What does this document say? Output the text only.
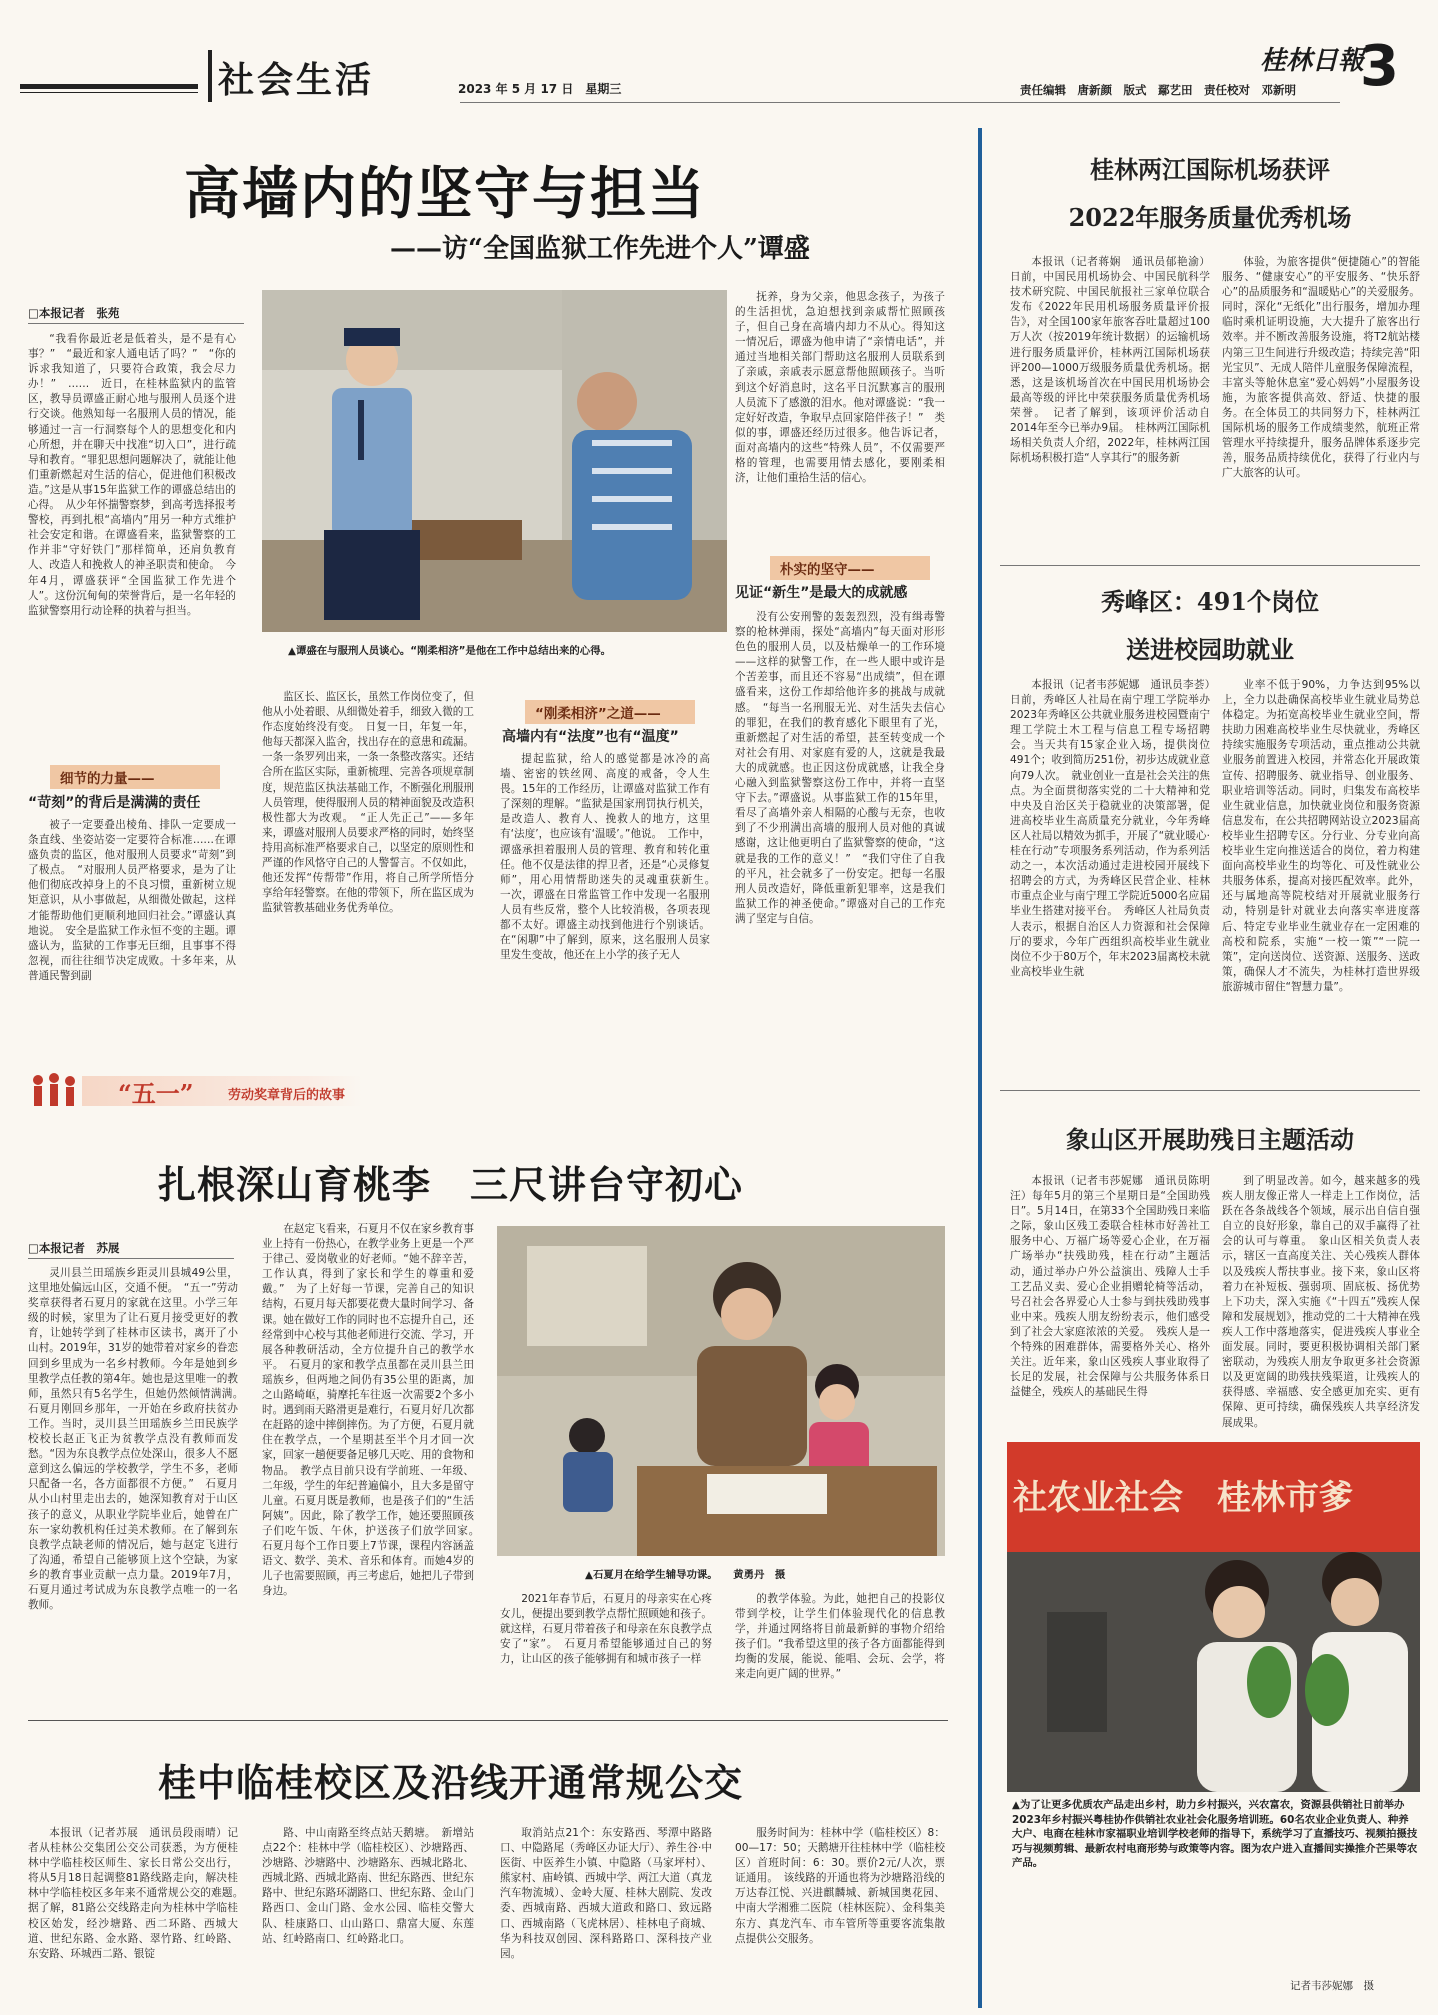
社会生活	2023 年 5 月 17 日　星期三
桂林日報
3
责任编辑　唐新颜　版式　鄢艺田　责任校对　邓新明
高墙内的坚守与担当
——访“全国监狱工作先进个人”谭盛
□本报记者　张苑

“我看你最近老是低着头，是不是有心事？”　“最近和家人通电话了吗？”　“你的诉求我知道了，只要符合政策，我会尽力办！”　……　近日，在桂林监狱内的监管区，教导员谭盛正耐心地与服刑人员逐个进行交谈。他熟知每一名服刑人员的情况，能够通过一言一行洞察每个人的思想变化和内心所想，并在聊天中找准“切入口”，进行疏导和教育。“罪犯思想问题解决了，就能让他们重新燃起对生活的信心，促进他们积极改造。”这是从事15年监狱工作的谭盛总结出的心得。　从少年怀揣警察梦，到高考选择报考警校，再到扎根“高墙内”用另一种方式维护社会安定和谐。在谭盛看来，监狱警察的工作并非“守好铁门”那样简单，还肩负教育人、改造人和挽救人的神圣职责和使命。　今年4月，谭盛获评“全国监狱工作先进个人”。这份沉甸甸的荣誉背后，是一名年轻的监狱警察用行动诠释的执着与担当。

细节的力量——
“苛刻”的背后是满满的责任

被子一定要叠出棱角、排队一定要成一条直线、坐姿站姿一定要符合标准……在谭盛负责的监区，他对服刑人员要求“苛刻”到了极点。　“对服刑人员严格要求，是为了让他们彻底改掉身上的不良习惯，重新树立规矩意识，从小事做起，从细微处做起，这样才能帮助他们更顺利地回归社会。”谭盛认真地说。　安全是监狱工作永恒不变的主题。谭盛认为，监狱的工作事无巨细，且事事不得忽视，而往往细节决定成败。十多年来，从普通民警到副

▲谭盛在与服刑人员谈心。“刚柔相济”是他在工作中总结出来的心得。

监区长、监区长，虽然工作岗位变了，但他从小处着眼、从细微处着手，细致入微的工作态度始终没有变。　日复一日，年复一年，他每天都深入监舍，找出存在的意患和疏漏。一条一条罗列出来，一条一条整改落实。还结合所在监区实际，重新梳理、完善各项规章制度，规范监区执法基础工作，不断强化刑服刑人员管理，使得服刑人员的精神面貌及改造积极性都大为改观。　“正人先正己”——多年来，谭盛对服刑人员要求严格的同时，始终坚持用高标准严格要求自己，以坚定的原则性和严谨的作风恪守自己的人警誓言。不仅如此，他还发挥“传帮带”作用，将自己所学所悟分享给年轻警察。在他的带领下，所在监区成为监狱管教基础业务优秀单位。

抚养，身为父亲，他思念孩子，为孩子的生活担忧，急迫想找到亲戚帮忙照顾孩子，但自己身在高墙内却力不从心。得知这一情况后，谭盛为他申请了“亲情电话”，并通过当地相关部门帮助这名服刑人员联系到了亲戚，亲戚表示愿意帮他照顾孩子。当听到这个好消息时，这名平日沉默寡言的服刑人员流下了感激的泪水。他对谭盛说：“我一定好好改造，争取早点回家陪伴孩子！”　类似的事，谭盛还经历过很多。他告诉记者，面对高墙内的这些“特殊人员”，不仅需要严格的管理，也需要用情去感化，要刚柔相济，让他们重拾生活的信心。

朴实的坚守——
见证“新生”是最大的成就感
“刚柔相济”之道——
高墙内有“法度”也有“温度”

提起监狱，给人的感觉都是冰冷的高墙、密密的铁丝网、高度的戒备，令人生畏。15年的工作经历，让谭盛对监狱工作有了深刻的理解。“监狱是国家刑罚执行机关，是改造人、教育人、挽救人的地方，这里有‘法度’，也应该有‘温暖’。”他说。　工作中，谭盛承担着服刑人员的管理、教育和转化重任。他不仅是法律的捍卫者，还是“心灵修复师”，用心用情帮助迷失的灵魂重获新生。　一次，谭盛在日常监管工作中发现一名服刑人员有些反常，整个人比较消极，各项表现都不太好。谭盛主动找到他进行个别谈话。在“闲聊”中了解到，原来，这名服刑人员家里发生变故，他还在上小学的孩子无人

没有公安刑警的轰轰烈烈，没有缉毒警察的枪林弹雨，探处“高墙内”每天面对形形色色的服刑人员，以及枯燥单一的工作环境——这样的狱警工作，在一些人眼中或许是个苦差事，而且还不容易“出成绩”，但在谭盛看来，这份工作却给他许多的挑战与成就感。　“每当一名刑服无光、对生活失去信心的罪犯，在我们的教育感化下眼里有了光，重新燃起了对生活的希望，甚至转变成一个对社会有用、对家庭有爱的人，这就是我最大的成就感。也正因这份成就感，让我全身心融入到监狱警察这份工作中，并将一直坚守下去。”谭盛说。从事监狱工作的15年里，看尽了高墙外亲人相隔的心酸与无奈，也收到了不少刑满出高墙的服刑人员对他的真诚感谢，这让他更明白了监狱警察的使命，“这就是我的工作的意义！”　“我们守住了自我的平凡，社会就多了一份安定。把每一名服刑人员改造好，降低重新犯罪率，这是我们监狱工作的神圣使命。”谭盛对自己的工作充满了坚定与自信。

“五一”	劳动奖章背后的故事
扎根深山育桃李　三尺讲台守初心
□本报记者　苏展

灵川县兰田瑶族乡距灵川县城49公里，这里地处偏远山区，交通不便。　“五一”劳动奖章获得者石夏月的家就在这里。小学三年级的时候，家里为了让石夏月接受更好的教育，让她转学到了桂林市区读书，离开了小山村。2019年，31岁的她带着对家乡的眷恋回到乡里成为一名乡村教师。今年是她到乡里教学点任教的第4年。她也是这里唯一的教师，虽然只有5名学生，但她仍然倾情满满。　石夏月刚回乡那年，一开始在乡政府扶贫办工作。当时，灵川县兰田瑶族乡兰田民族学校校长赵正飞正为贫教学点没有教师而发愁。“因为东良教学点位处深山，很多人不愿意到这么偏远的学校教学，学生不多，老师只配备一名，各方面都很不方便。”　石夏月从小山村里走出去的，她深知教育对于山区孩子的意义，从职业学院毕业后，她曾在广东一家幼教机构任过美术教师。在了解到东良教学点缺老师的情况后，她与赵定飞进行了沟通，希望自己能够顶上这个空缺，为家乡的教育事业贡献一点力量。2019年7月，石夏月通过考试成为东良教学点唯一的一名教师。

在赵定飞看来，石夏月不仅在家乡教育事业上持有一份热心，在教学业务上更是一个严于律己、爱岗敬业的好老师。“她不辞辛苦，工作认真，得到了家长和学生的尊重和爱戴。”　为了上好每一节课，完善自己的知识结构，石夏月每天都要花费大量时间学习、备课。她在做好工作的同时也不忘提升自己，还经常到中心校与其他老师进行交流、学习，开展各种教研活动，全方位提升自己的教学水平。　石夏月的家和教学点虽都在灵川县兰田瑶族乡，但两地之间仍有35公里的距离，加之山路崎岖，骑摩托车往返一次需要2个多小时。遇到雨天路滑更是难行，石夏月好几次都在赶路的途中摔倒摔伤。为了方便，石夏月就住在教学点，一个星期甚至半个月才回一次家，回家一趟便要备足够几天吃、用的食物和物品。　教学点目前只设有学前班、一年级、二年级，学生的年纪普遍偏小，且大多是留守儿童。石夏月既是教师，也是孩子们的“生活阿姨”。因此，除了教学工作，她还要照顾孩子们吃午饭、午休，护送孩子们放学回家。　石夏月每个工作日要上7节课，课程内容涵盖语文、数学、美术、音乐和体育。而她4岁的儿子也需要照顾，再三考虑后，她把儿子带到身边。

▲石夏月在给学生辅导功课。　　黄勇丹　摄

2021年春节后，石夏月的母亲实在心疼女儿，便提出要到教学点帮忙照顾她和孩子。就这样，石夏月带着孩子和母亲在东良教学点安了“家”。　石夏月希望能够通过自己的努力，让山区的孩子能够拥有和城市孩子一样

的教学体验。为此，她把自己的投影仪带到学校，让学生们体验现代化的信息教学，并通过网络将目前最新鲜的事物介绍给孩子们。“我希望这里的孩子各方面都能得到均衡的发展，能说、能唱、会玩、会学，将来走向更广阔的世界。”

桂中临桂校区及沿线开通常规公交

本报讯（记者苏展　通讯员段雨晴）记者从桂林公交集团公交公司获悉，为方便桂林中学临桂校区师生、家长日常公交出行，将从5月18日起调整81路线路走向，解决桂林中学临桂校区多年来不通常规公交的难题。　据了解，81路公交线路走向为桂林中学临桂校区始发，经沙塘路、西二环路、西城大道、世纪东路、金水路、翠竹路、红岭路、东安路、环城西二路、银锭

路、中山南路至终点站天鹅塘。　新增站点22个：桂林中学（临桂校区）、沙塘路西、沙塘路、沙塘路中、沙塘路东、西城北路北、西城北路、西城北路南、世纪东路西、世纪东路中、世纪东路环湖路口、世纪东路、金山门路西口、金山门路、金水公园、临桂交警大队、桂康路口、山山路口、鼎富大厦、东莲站、红岭路南口、红岭路北口。

取消站点21个：东安路西、琴潭中路路口、中隐路尾（秀峰区办证大厅）、养生谷·中医街、中医养生小镇、中隐路（马家坪村）、熊家村、庙岭镇、西城中学、两江大道（真龙汽车物流城）、金岭大厦、桂林大剧院、发改委、西城南路、西城大道政和路口、致远路口、西城南路（飞虎林居）、桂林电子商城、华为科技双创园、深科路路口、深科技产业园。

服务时间为：桂林中学（临桂校区）8：00—17：50；天鹅塘开往桂林中学（临桂校区）首班时间：6：30。票价2元/人次，票证通用。　该线路的开通也将为沙塘路沿线的万达春江悦、兴进麒麟城、新城国奥花园、中南大学湘雅二医院（桂林医院）、金科集美东方、真龙汽车、市车管所等重要客流集散点提供公交服务。

桂林两江国际机场获评
2022年服务质量优秀机场

本报讯（记者蒋娴　通讯员郁艳渝）日前，中国民用机场协会、中国民航科学技术研究院、中国民航报社三家单位联合发布《2022年民用机场服务质量评价报告》，对全国100家年旅客吞吐量超过100万人次（按2019年统计数据）的运输机场进行服务质量评价，桂林两江国际机场获评200—1000万级服务质量优秀机场。据悉，这是该机场首次在中国民用机场协会最高等级的评比中荣获服务质量优秀机场荣誉。　记者了解到，该项评价活动自2014年至今已举办9届。　桂林两江国际机场相关负责人介绍，2022年，桂林两江国际机场积极打造“人享其行”的服务新

体验，为旅客提供“便捷随心”的智能服务、“健康安心”的平安服务、“快乐舒心”的品质服务和“温暖贴心”的关爱服务。同时，深化“无纸化”出行服务，增加办理临时乘机证明设施，大大提升了旅客出行效率。并不断改善服务设施，将T2航站楼内第三卫生间进行升级改造；持续完善“阳光宝贝”、无成人陪伴儿童服务保障流程，丰富头等舱休息室“爱心妈妈”小屋服务设施，为旅客提供高效、舒适、快捷的服务。在全体员工的共同努力下，桂林两江国际机场的服务工作成绩斐然，航班正常管理水平持续提升，服务品牌体系逐步完善，服务品质持续优化，获得了行业内与广大旅客的认可。

秀峰区：491个岗位
送进校园助就业

本报讯（记者韦莎妮娜　通讯员李荟）日前，秀峰区人社局在南宁理工学院举办2023年秀峰区公共就业服务进校园暨南宁理工学院土木工程与信息工程专场招聘会。当天共有15家企业入场，提供岗位491个；收到简历251份，初步达成就业意向79人次。　就业创业一直是社会关注的焦点。为全面贯彻落实党的二十大精神和党中央及自治区关于稳就业的决策部署，促进高校毕业生高质量充分就业，今年秀峰区人社局以精效为抓手，开展了“就业暖心·桂在行动”专项服务系列活动，作为系列活动之一，本次活动通过走进校园开展线下招聘会的方式，为秀峰区民营企业、桂林市重点企业与南宁理工学院近5000名应届毕业生搭建对接平台。　秀峰区人社局负责人表示，根据自治区人力资源和社会保障厅的要求，今年广西组织高校毕业生就业岗位不少于80万个，年末2023届离校未就业高校毕业生就

业率不低于90%，力争达到95%以上，全力以赴确保高校毕业生就业局势总体稳定。为拓宽高校毕业生就业空间，帮扶助力困难高校毕业生尽快就业，秀峰区持续实施服务专项活动，重点推动公共就业服务前置进入校园，并常态化开展政策宣传、招聘服务、就业指导、创业服务、职业培训等活动。同时，归集发布高校毕业生就业信息，加快就业岗位和服务资源信息发布，在公共招聘网站设立2023届高校毕业生招聘专区。分行业、分专业向高校毕业生定向推送适合的岗位，着力构建面向高校毕业生的均等化、可及性就业公共服务体系，提高对接匹配效率。此外，还与属地高等院校结对开展就业服务行动，特别是针对就业去向落实率进度落后、特定专业毕业生就业存在一定困难的高校和院系，实施“一校一策”“一院一策”，定向送岗位、送资源、送服务、送政策，确保人才不流失，为桂林打造世界级旅游城市留住“智慧力量”。

象山区开展助残日主题活动

本报讯（记者韦莎妮娜　通讯员陈明汪）每年5月的第三个星期日是“全国助残日”。5月14日，在第33个全国助残日来临之际，象山区残工委联合桂林市好善社工服务中心、万福广场等爱心企业，在万福广场举办“扶残助残，桂在行动”主题活动，通过举办户外公益演出、残障人士手工艺品义卖、爱心企业捐赠轮椅等活动，号召社会各界爱心人士参与到扶残助残事业中来。残疾人朋友纷纷表示，他们感受到了社会大家庭浓浓的关爱。　残疾人是一个特殊的困难群体，需要格外关心、格外关注。近年来，象山区残疾人事业取得了长足的发展，社会保障与公共服务体系日益健全，残疾人的基础民生得

到了明显改善。如今，越来越多的残疾人朋友像正常人一样走上工作岗位，活跃在各条战线各个领域，展示出自信自强自立的良好形象，靠自己的双手赢得了社会的认可与尊重。　象山区相关负责人表示，辖区一直高度关注、关心残疾人群体以及残疾人帮扶事业。接下来，象山区将着力在补短板、强弱项、固底板、扬优势上下功夫，深入实施《“十四五”残疾人保障和发展规划》，推动党的二十大精神在残疾人工作中落地落实，促进残疾人事业全面发展。同时，要更积极协调相关部门紧密联动，为残疾人朋友争取更多社会资源以及更宽阔的助残扶残渠道，让残疾人的获得感、幸福感、安全感更加充实、更有保障、更可持续，确保残疾人共享经济发展成果。

社农业社会　桂林市爹
▲为了让更多优质农产品走出乡村，助力乡村振兴，兴农富农，资源县供销社日前举办2023年乡村振兴粤桂协作供销社农业社会化服务培训班。60名农业企业负责人、种养大户、电商在桂林市家福职业培训学校老师的指导下，系统学习了直播技巧、视频拍摄技巧与视频剪辑、最新农村电商形势与政策等内容。图为农户进入直播间实操推介芒果等农产品。
记者韦莎妮娜　摄
